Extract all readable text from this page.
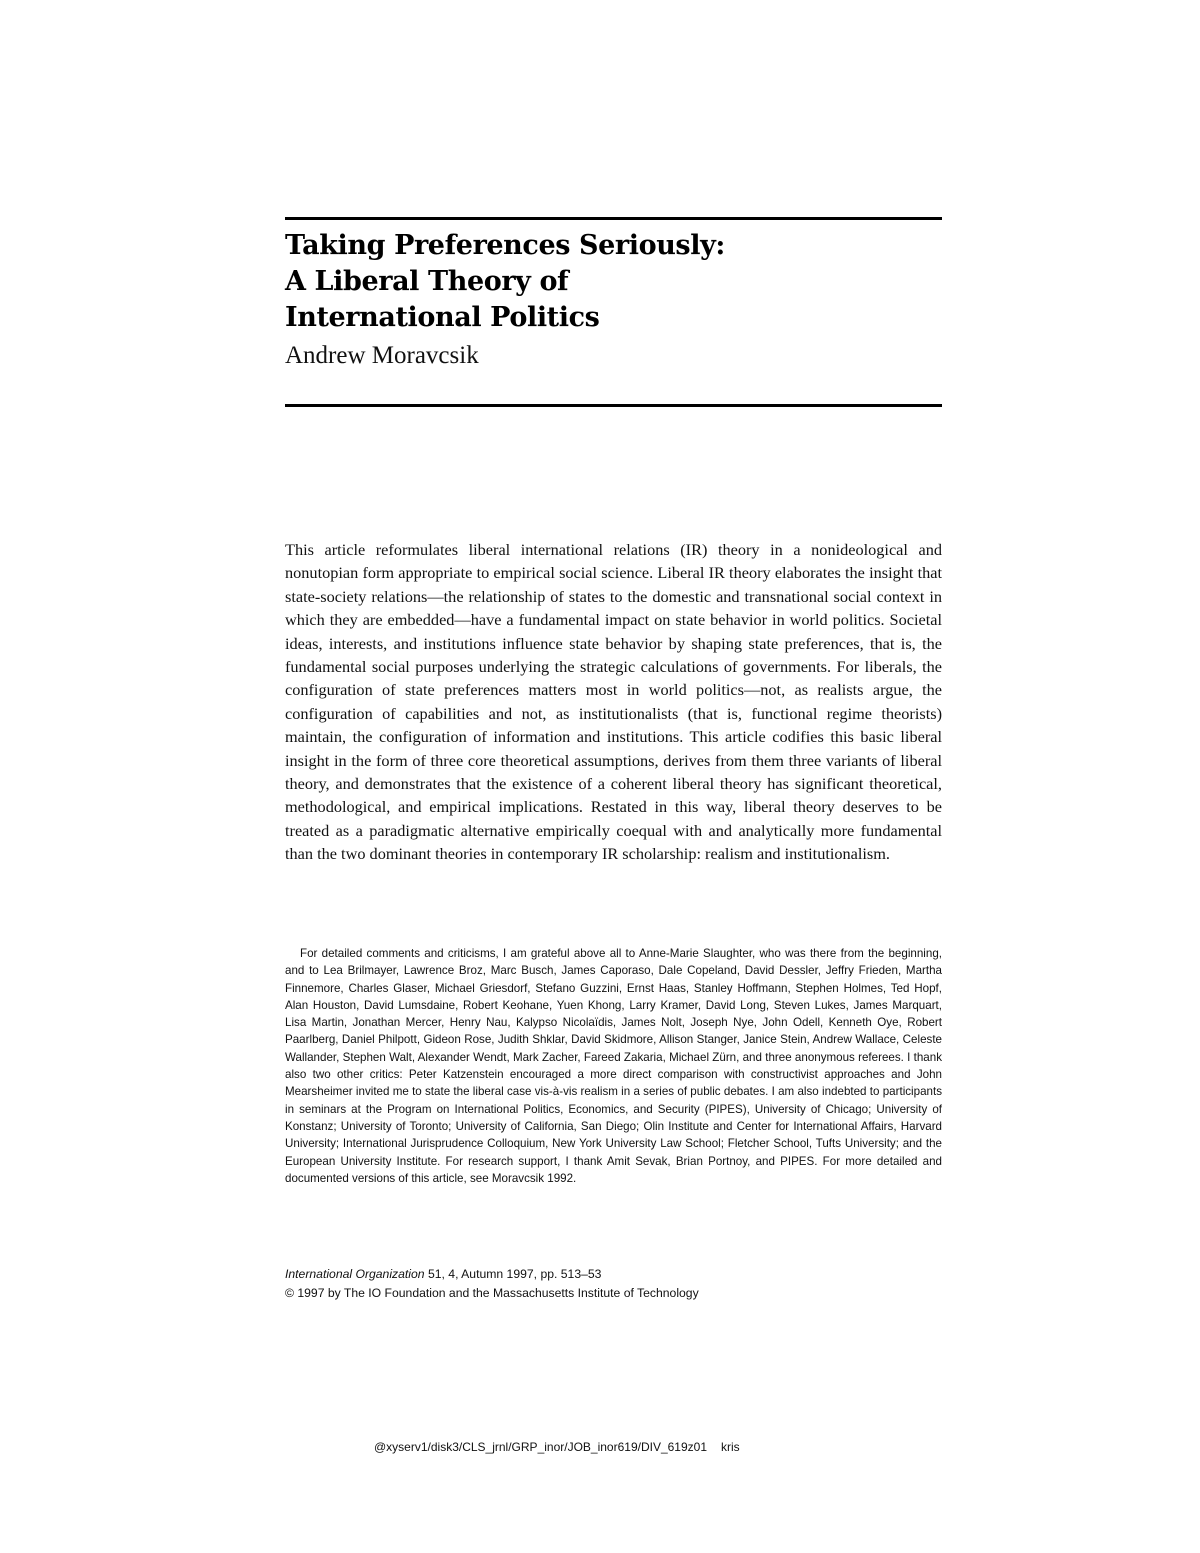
Taking Preferences Seriously:
A Liberal Theory of
International Politics
Andrew Moravcsik

This article reformulates liberal international relations (IR) theory in a nonideological and nonutopian form appropriate to empirical social science. Liberal IR theory elaborates the insight that state-society relations—the relationship of states to the domestic and transnational social context in which they are embedded—have a fundamental impact on state behavior in world politics. Societal ideas, interests, and institutions influence state behavior by shaping state preferences, that is, the fundamental social purposes underlying the strategic calculations of governments. For liberals, the configuration of state preferences matters most in world politics—not, as realists argue, the configuration of capabilities and not, as institutionalists (that is, functional regime theorists) maintain, the configuration of information and institutions. This article codifies this basic liberal insight in the form of three core theoretical assumptions, derives from them three variants of liberal theory, and demonstrates that the existence of a coherent liberal theory has significant theoretical, methodological, and empirical implications. Restated in this way, liberal theory deserves to be treated as a paradigmatic alternative empirically coequal with and analytically more fundamental than the two dominant theories in contemporary IR scholarship: realism and institutionalism.

For detailed comments and criticisms, I am grateful above all to Anne-Marie Slaughter, who was there from the beginning, and to Lea Brilmayer, Lawrence Broz, Marc Busch, James Caporaso, Dale Copeland, David Dessler, Jeffry Frieden, Martha Finnemore, Charles Glaser, Michael Griesdorf, Stefano Guzzini, Ernst Haas, Stanley Hoffmann, Stephen Holmes, Ted Hopf, Alan Houston, David Lumsdaine, Robert Keohane, Yuen Khong, Larry Kramer, David Long, Steven Lukes, James Marquart, Lisa Martin, Jonathan Mercer, Henry Nau, Kalypso Nicolaïdis, James Nolt, Joseph Nye, John Odell, Kenneth Oye, Robert Paarlberg, Daniel Philpott, Gideon Rose, Judith Shklar, David Skidmore, Allison Stanger, Janice Stein, Andrew Wallace, Celeste Wallander, Stephen Walt, Alexander Wendt, Mark Zacher, Fareed Zakaria, Michael Zürn, and three anonymous referees. I thank also two other critics: Peter Katzenstein encouraged a more direct comparison with constructivist approaches and John Mearsheimer invited me to state the liberal case vis-à-vis realism in a series of public debates. I am also indebted to participants in seminars at the Program on International Politics, Economics, and Security (PIPES), University of Chicago; University of Konstanz; University of Toronto; University of California, San Diego; Olin Institute and Center for International Affairs, Harvard University; International Jurisprudence Colloquium, New York University Law School; Fletcher School, Tufts University; and the European University Institute. For research support, I thank Amit Sevak, Brian Portnoy, and PIPES. For more detailed and documented versions of this article, see Moravcsik 1992.

International Organization 51, 4, Autumn 1997, pp. 513–53
© 1997 by The IO Foundation and the Massachusetts Institute of Technology
@xyserv1/disk3/CLS_jrnl/GRP_inor/JOB_inor619/DIV_619z01 kris
